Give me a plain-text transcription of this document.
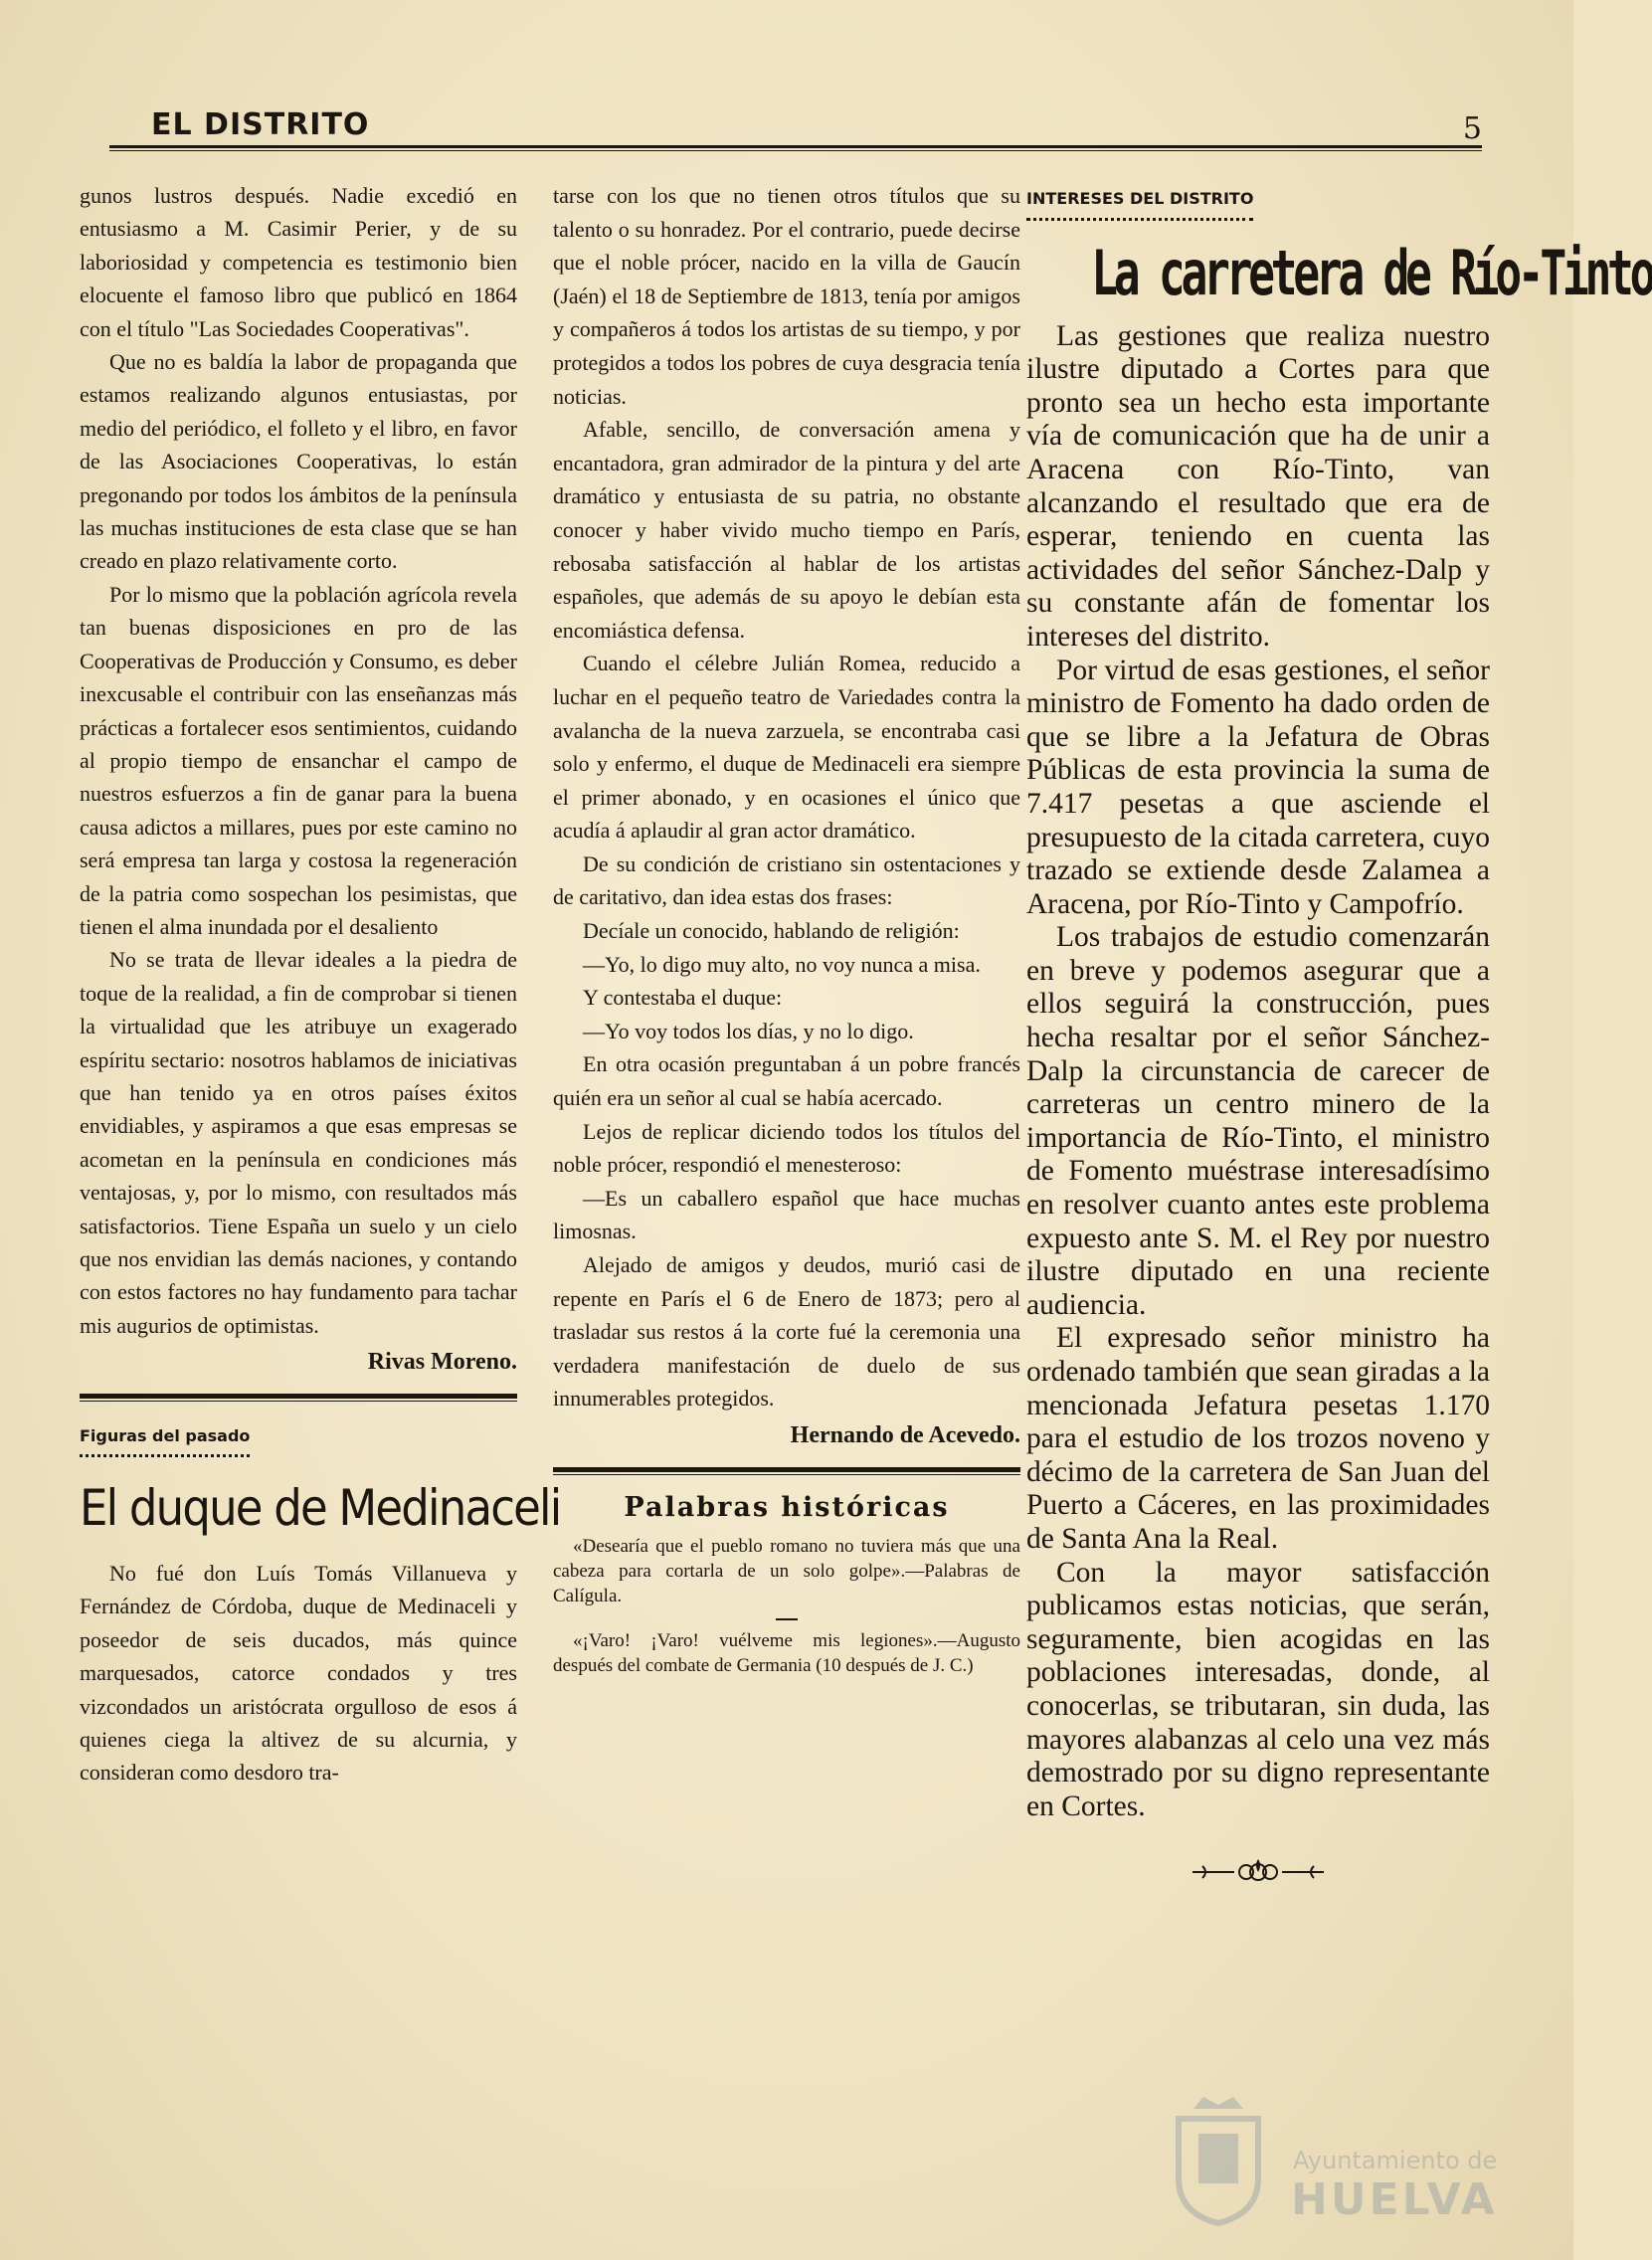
EL DISTRITO	5

gunos lustros después. Nadie excedió en entusiasmo a M. Casimir Perier, y de su laboriosidad y competencia es testimonio bien elocuente el famoso libro que publicó en 1864 con el título "Las Sociedades Cooperativas".

Que no es baldía la labor de propaganda que estamos realizando algunos entusiastas, por medio del periódico, el folleto y el libro, en favor de las Asociaciones Cooperativas, lo están pregonando por todos los ámbitos de la península las muchas instituciones de esta clase que se han creado en plazo relativamente corto.

Por lo mismo que la población agrícola revela tan buenas disposiciones en pro de las Cooperativas de Producción y Consumo, es deber inexcusable el contribuir con las enseñanzas más prácticas a fortalecer esos sentimientos, cuidando al propio tiempo de ensanchar el campo de nuestros esfuerzos a fin de ganar para la buena causa adictos a millares, pues por este camino no será empresa tan larga y costosa la regeneración de la patria como sospechan los pesimistas, que tienen el alma inundada por el desaliento

No se trata de llevar ideales a la piedra de toque de la realidad, a fin de comprobar si tienen la virtualidad que les atribuye un exagerado espíritu sectario: nosotros hablamos de iniciativas que han tenido ya en otros países éxitos envidiables, y aspiramos a que esas empresas se acometan en la península en condiciones más ventajosas, y, por lo mismo, con resultados más satisfactorios. Tiene España un suelo y un cielo que nos envidian las demás naciones, y contando con estos factores no hay fundamento para tachar mis augurios de optimistas.

Rivas Moreno.

Figuras del pasado

El duque de Medinaceli

No fué don Luís Tomás Villanueva y Fernández de Córdoba, duque de Medinaceli y poseedor de seis ducados, más quince marquesados, catorce condados y tres vizcondados un aristócrata orgulloso de esos á quienes ciega la altivez de su alcurnia, y consideran como desdoro tra-

tarse con los que no tienen otros títulos que su talento o su honradez. Por el contrario, puede decirse que el noble prócer, nacido en la villa de Gaucín (Jaén) el 18 de Septiembre de 1813, tenía por amigos y compañeros á todos los artistas de su tiempo, y por protegidos a todos los pobres de cuya desgracia tenía noticias.

Afable, sencillo, de conversación amena y encantadora, gran admirador de la pintura y del arte dramático y entusiasta de su patria, no obstante conocer y haber vivido mucho tiempo en París, rebosaba satisfacción al hablar de los artistas españoles, que además de su apoyo le debían esta encomiástica defensa.

Cuando el célebre Julián Romea, reducido a luchar en el pequeño teatro de Variedades contra la avalancha de la nueva zarzuela, se encontraba casi solo y enfermo, el duque de Medinaceli era siempre el primer abonado, y en ocasiones el único que acudía á aplaudir al gran actor dramático.

De su condición de cristiano sin ostentaciones y de caritativo, dan idea estas dos frases:

Decíale un conocido, hablando de religión:

—Yo, lo digo muy alto, no voy nunca a misa.

Y contestaba el duque:

—Yo voy todos los días, y no lo digo.

En otra ocasión preguntaban á un pobre francés quién era un señor al cual se había acercado.

Lejos de replicar diciendo todos los títulos del noble prócer, respondió el menesteroso:

—Es un caballero español que hace muchas limosnas.

Alejado de amigos y deudos, murió casi de repente en París el 6 de Enero de 1873; pero al trasladar sus restos á la corte fué la ceremonia una verdadera manifestación de duelo de sus innumerables protegidos.

Hernando de Acevedo.

Palabras históricas

«Desearía que el pueblo romano no tuviera más que una cabeza para cortarla de un solo golpe».—Palabras de Calígula.

«¡Varo! ¡Varo! vuélveme mis legiones».—Augusto después del combate de Germania (10 después de J. C.)

INTERESES DEL DISTRITO

La carretera de Río-Tinto

Las gestiones que realiza nuestro ilustre diputado a Cortes para que pronto sea un hecho esta importante vía de comunicación que ha de unir a Aracena con Río-Tinto, van alcanzando el resultado que era de esperar, teniendo en cuenta las actividades del señor Sánchez-Dalp y su constante afán de fomentar los intereses del distrito.

Por virtud de esas gestiones, el señor ministro de Fomento ha dado orden de que se libre a la Jefatura de Obras Públicas de esta provincia la suma de 7.417 pesetas a que asciende el presupuesto de la citada carretera, cuyo trazado se extiende desde Zalamea a Aracena, por Río-Tinto y Campofrío.

Los trabajos de estudio comenzarán en breve y podemos asegurar que a ellos seguirá la construcción, pues hecha resaltar por el señor Sánchez-Dalp la circunstancia de carecer de carreteras un centro minero de la importancia de Río-Tinto, el ministro de Fomento muéstrase interesadísimo en resolver cuanto antes este problema expuesto ante S. M. el Rey por nuestro ilustre diputado en una reciente audiencia.

El expresado señor ministro ha ordenado también que sean giradas a la mencionada Jefatura pesetas 1.170 para el estudio de los trozos noveno y décimo de la carretera de San Juan del Puerto a Cáceres, en las proximidades de Santa Ana la Real.

Con la mayor satisfacción publicamos estas noticias, que serán, seguramente, bien acogidas en las poblaciones interesadas, donde, al conocerlas, se tributaran, sin duda, las mayores alabanzas al celo una vez más demostrado por su digno representante en Cortes.

Ayuntamiento de
HUELVA
